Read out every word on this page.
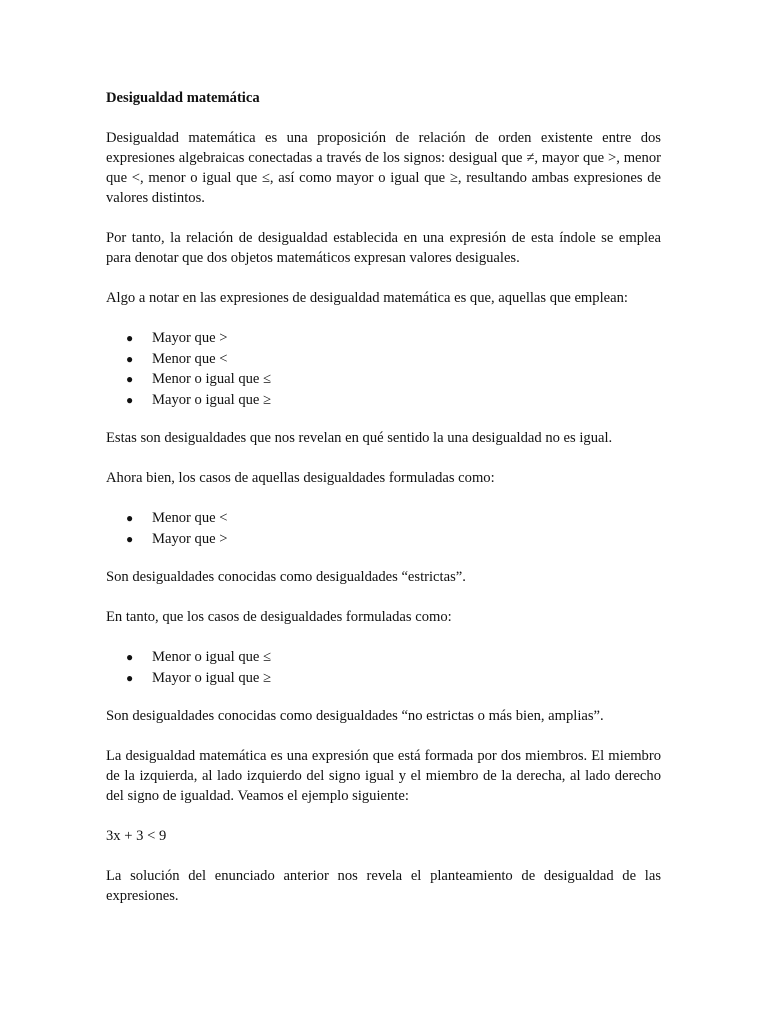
Desigualdad matemática

Desigualdad matemática es una proposición de relación de orden existente entre dos expresiones algebraicas conectadas a través de los signos: desigual que ≠, mayor que >, menor que <, menor o igual que ≤, así como mayor o igual que ≥, resultando ambas expresiones de valores distintos.

Por tanto, la relación de desigualdad establecida en una expresión de esta índole se emplea para denotar que dos objetos matemáticos expresan valores desiguales.

Algo a notar en las expresiones de desigualdad matemática es que, aquellas que emplean:

● Mayor que >
● Menor que <
● Menor o igual que ≤
● Mayor o igual que ≥

Estas son desigualdades que nos revelan en qué sentido la una desigualdad no es igual.

Ahora bien, los casos de aquellas desigualdades formuladas como:

● Menor que <
● Mayor que >

Son desigualdades conocidas como desigualdades “estrictas”.

En tanto, que los casos de desigualdades formuladas como:

● Menor o igual que ≤
● Mayor o igual que ≥

Son desigualdades conocidas como desigualdades “no estrictas o más bien, amplias”.

La desigualdad matemática es una expresión que está formada por dos miembros. El miembro de la izquierda, al lado izquierdo del signo igual y el miembro de la derecha, al lado derecho del signo de igualdad. Veamos el ejemplo siguiente:

3x + 3 < 9

La solución del enunciado anterior nos revela el planteamiento de desigualdad de las expresiones.
